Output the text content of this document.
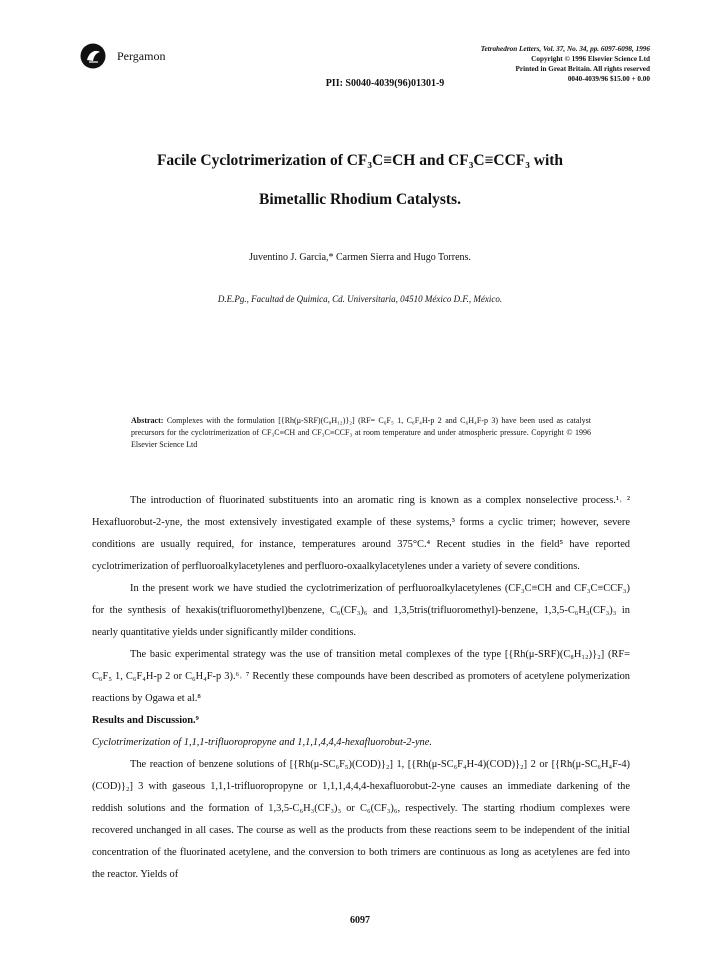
Pergamon	Tetrahedron Letters, Vol. 37, No. 34, pp. 6097-6098, 1996
Copyright © 1996 Elsevier Science Ltd
Printed in Great Britain. All rights reserved
0040-4039/96 $15.00 + 0.00
PII: S0040-4039(96)01301-9
Facile Cyclotrimerization of CF₃C≡CH and CF₃C≡CCF₃ with
Bimetallic Rhodium Catalysts.
Juventino J. Garcia,* Carmen Sierra and Hugo Torrens.
D.E.Pg., Facultad de Quimica, Cd. Universitaria, 04510 México D.F., México.
Abstract: Complexes with the formulation [{Rh(μ-SRF)(C₈H₁₂)}₂] (RF= C₆F₅ 1, C₆F₄H-p 2 and C₆H₄F-p 3) have been used as catalyst precursors for the cyclotrimerization of CF₃C≡CH and CF₃C≡CCF₃ at room temperature and under atmospheric pressure. Copyright © 1996 Elsevier Science Ltd

The introduction of fluorinated substituents into an aromatic ring is known as a complex nonselective process.¹˒ ² Hexafluorobut-2-yne, the most extensively investigated example of these systems,³ forms a cyclic trimer; however, severe conditions are usually required, for instance, temperatures around 375°C.⁴ Recent studies in the field⁵ have reported cyclotrimerization of perfluoroalkylacetylenes and perfluoro-oxaalkylacetylenes under a variety of severe conditions.

In the present work we have studied the cyclotrimerization of perfluoroalkylacetylenes (CF₃C≡CH and CF₃C≡CCF₃) for the synthesis of hexakis(trifluoromethyl)benzene, C₆(CF₃)₆ and 1,3,5tris(trifluoromethyl)-benzene, 1,3,5-C₆H₃(CF₃)₃ in nearly quantitative yields under significantly milder conditions.

The basic experimental strategy was the use of transition metal complexes of the type [{Rh(μ-SRF)(C₈H₁₂)}₂] (RF= C₆F₅ 1, C₆F₄H-p 2 or C₆H₄F-p 3).⁶˒ ⁷ Recently these compounds have been described as promoters of acetylene polymerization reactions by Ogawa et al.⁸

Results and Discussion.⁹
Cyclotrimerization of 1,1,1-trifluoropropyne and 1,1,1,4,4,4-hexafluorobut-2-yne.

The reaction of benzene solutions of [{Rh(μ-SC₆F₅)(COD)}₂] 1, [{Rh(μ-SC₆F₄H-4)(COD)}₂] 2 or [{Rh(μ-SC₆H₄F-4)(COD)}₂] 3 with gaseous 1,1,1-trifluoropropyne or 1,1,1,4,4,4-hexafluorobut-2-yne causes an immediate darkening of the reddish solutions and the formation of 1,3,5-C₆H₃(CF₃)₃ or C₆(CF₃)₆, respectively. The starting rhodium complexes were recovered unchanged in all cases. The course as well as the products from these reactions seem to be independent of the initial concentration of the fluorinated acetylene, and the conversion to both trimers are continuous as long as acetylenes are fed into the reactor. Yields of

6097
